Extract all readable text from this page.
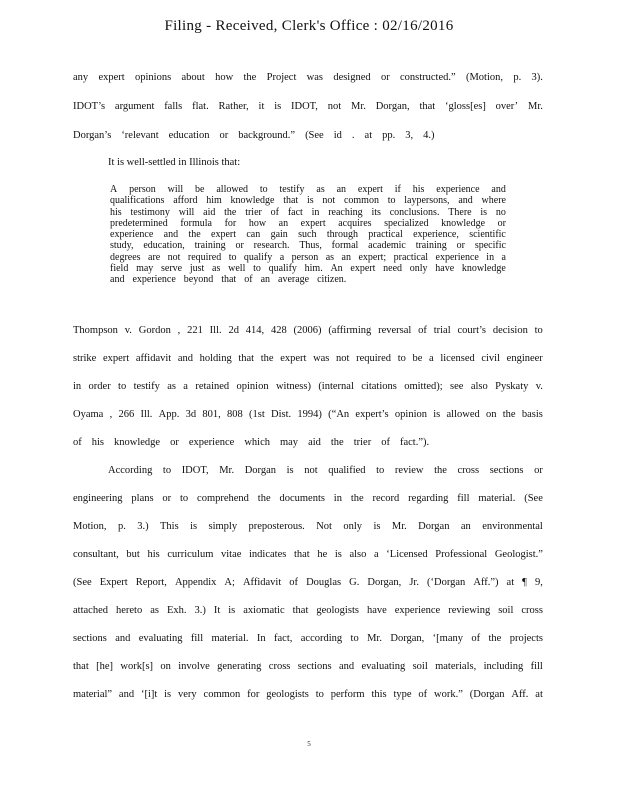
Filing - Received, Clerk's Office : 02/16/2016
any expert opinions about how the Project was designed or constructed.” (Motion, p. 3).
IDOT’s argument falls flat. Rather, it is IDOT, not Mr. Dorgan, that ‘gloss[es] over’ Mr.
Dorgan’s ‘relevant education or background.” (See id . at pp. 3, 4.)
It is well-settled in Illinois that:
A person will be allowed to testify as an expert if his experience and
qualifications afford him knowledge that is not common to laypersons, and where
his testimony will aid the trier of fact in reaching its conclusions. There is no
predetermined formula for how an expert acquires specialized knowledge or
experience and the expert can gain such through practical experience, scientific
study, education, training or research. Thus, formal academic training or specific
degrees are not required to qualify a person as an expert; practical experience in a
field may serve just as well to qualify him. An expert need only have knowledge
and experience beyond that of an average citizen.
Thompson v. Gordon , 221 Ill. 2d 414, 428 (2006) (affirming reversal of trial court’s decision to
strike expert affidavit and holding that the expert was not required to be a licensed civil engineer
in order to testify as a retained opinion witness) (internal citations omitted); see also Pyskaty v.
Oyama , 266 Ill. App. 3d 801, 808 (1st Dist. 1994) (“An expert’s opinion is allowed on the basis
of his knowledge or experience which may aid the trier of fact.”).
According to IDOT, Mr. Dorgan is not qualified to review the cross sections or
engineering plans or to comprehend the documents in the record regarding fill material. (See
Motion, p. 3.) This is simply preposterous. Not only is Mr. Dorgan an environmental
consultant, but his curriculum vitae indicates that he is also a ‘Licensed Professional Geologist.”
(See Expert Report, Appendix A; Affidavit of Douglas G. Dorgan, Jr. (‘Dorgan Aff.”) at ¶ 9,
attached hereto as Exh. 3.) It is axiomatic that geologists have experience reviewing soil cross
sections and evaluating fill material. In fact, according to Mr. Dorgan, ‘[many of the projects
that [he] work[s] on involve generating cross sections and evaluating soil materials, including fill
material” and ‘[i]t is very common for geologists to perform this type of work.” (Dorgan Aff. at
5
